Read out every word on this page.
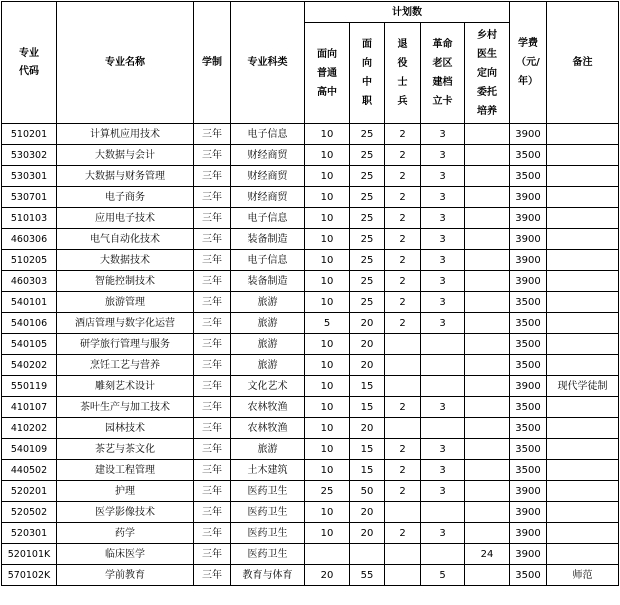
专业代码	专业名称	学制	专业科类	计划数					学费（元/年）	备注
				面向普通高中	面向中职	退役士兵	革命老区建档立卡	乡村医生定向委托培养		
510201	计算机应用技术	三年	电子信息	10	25	2	3		3900	
530302	大数据与会计	三年	财经商贸	10	25	2	3		3500	
530301	大数据与财务管理	三年	财经商贸	10	25	2	3		3500	
530701	电子商务	三年	财经商贸	10	25	2	3		3900	
510103	应用电子技术	三年	电子信息	10	25	2	3		3900	
460306	电气自动化技术	三年	装备制造	10	25	2	3		3900	
510205	大数据技术	三年	电子信息	10	25	2	3		3900	
460303	智能控制技术	三年	装备制造	10	25	2	3		3900	
540101	旅游管理	三年	旅游	10	25	2	3		3500	
540106	酒店管理与数字化运营	三年	旅游	5	20	2	3		3500	
540105	研学旅行管理与服务	三年	旅游	10	20				3500	
540202	烹饪工艺与营养	三年	旅游	10	20				3500	
550119	雕刻艺术设计	三年	文化艺术	10	15				3900	现代学徒制
410107	茶叶生产与加工技术	三年	农林牧渔	10	15	2	3		3500	
410202	园林技术	三年	农林牧渔	10	20				3500	
540109	茶艺与茶文化	三年	旅游	10	15	2	3		3500	
440502	建设工程管理	三年	土木建筑	10	15	2	3		3500	
520201	护理	三年	医药卫生	25	50	2	3		3900	
520502	医学影像技术	三年	医药卫生	10	20				3900	
520301	药学	三年	医药卫生	10	20	2	3		3900	
520101K	临床医学	三年	医药卫生					24	3900	
570102K	学前教育	三年	教育与体育	20	55		5		3500	师范
